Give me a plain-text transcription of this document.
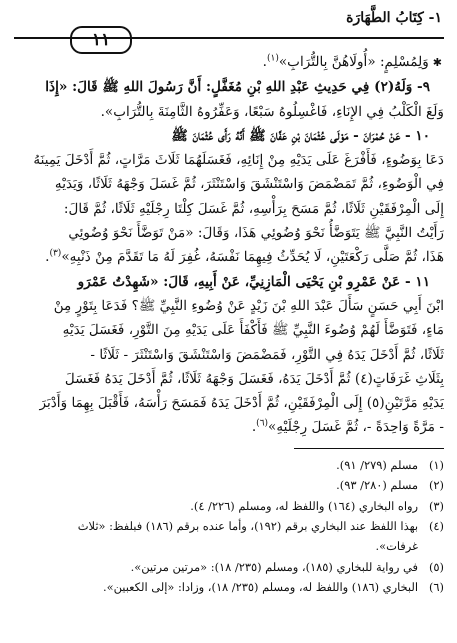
١- كِتَابُ الطَّهَارَة
١١
✱وَلِمُسْلِمٍ: «أُولَاهُنَّ بِالتُّرَابِ»$^{(١)}$.
٩- وَلَهُ(٢) فِي حَدِيثِ عَبْدِ اللهِ بْنِ مُغَفَّلٍ: أَنَّ رَسُولَ اللهِ ﷺ قَالَ: «إِذَا
وَلَغَ الْكَلْبُ فِي الإِنَاءِ، فَاغْسِلُوهُ سَبْعًا، وَعَفِّرُوهُ الثَّامِنَةَ بِالتُّرَابِ».
١٠ - عَنْ حُمْرَانَ - مَوْلَى عُثْمَانَ بْنِ عَفَّانَ ﷺ أَنَّهُ رَأَى عُثْمَانَ ﷺ
دَعَا بِوَضُوءٍ، فَأَفْرَغَ عَلَى يَدَيْهِ مِنْ إِنَائِهِ، فَغَسَلَهُمَا ثَلَاثَ مَرَّاتٍ، ثُمَّ أَدْخَلَ يَمِينَهُ
فِي الْوَضُوءِ، ثُمَّ تَمَضْمَضَ وَاسْتَنْشَقَ وَاسْتَنْثَرَ، ثُمَّ غَسَلَ وَجْهَهُ ثَلَاثًا، وَيَدَيْهِ
إِلَى الْمِرْفَقَيْنِ ثَلَاثًا، ثُمَّ مَسَحَ بِرَأْسِهِ، ثُمَّ غَسَلَ كِلْتَا رِجْلَيْهِ ثَلَاثًا، ثُمَّ قَالَ:
رَأَيْتُ النَّبِيَّ ﷺ يَتَوَضَّأُ نَحْوَ وُضُوئِي هَذَا، وَقَالَ: «مَنْ تَوَضَّأَ نَحْوَ وُضُوئِي
هَذَا، ثُمَّ صَلَّى رَكْعَتَيْنِ، لَا يُحَدِّثُ فِيهِمَا نَفْسَهُ، غُفِرَ لَهُ مَا تَقَدَّمَ مِنْ ذَنْبِهِ»$^{(٣)}$.
١١ - عَنْ عَمْرِو بْنِ يَحْيَى الْمَازِنِيِّ، عَنْ أَبِيهِ، قَالَ: «شَهِدْتُ عَمْرَو
ابْنَ أَبِي حَسَنٍ سَأَلَ عَبْدَ اللهِ بْنَ زَيْدٍ عَنْ وُضُوءِ النَّبِيِّ ﷺ؟ فَدَعَا بِتَوْرٍ مِنْ
مَاءٍ، فَتَوَضَّأَ لَهُمْ وُضُوءَ النَّبِيِّ ﷺ فَأَكْفَأَ عَلَى يَدَيْهِ مِنَ التَّوْرِ، فَغَسَلَ يَدَيْهِ
ثَلَاثًا، ثُمَّ أَدْخَلَ يَدَهُ فِي التَّوْرِ، فَمَضْمَضَ وَاسْتَنْشَقَ وَاسْتَنْثَرَ - ثَلَاثًا -
بِثَلَاثِ غَرَفَاتٍ(٤) ثُمَّ أَدْخَلَ يَدَهُ، فَغَسَلَ وَجْهَهُ ثَلَاثًا، ثُمَّ أَدْخَلَ يَدَهُ فَغَسَلَ
يَدَيْهِ مَرَّتَيْنِ(٥) إِلَى الْمِرْفَقَيْنِ، ثُمَّ أَدْخَلَ يَدَهُ فَمَسَحَ رَأْسَهُ، فَأَقْبَلَ بِهِمَا وَأَدْبَرَ
- مَرَّةً وَاحِدَةً -، ثُمَّ غَسَلَ رِجْلَيْهِ»$^{(٦)}$.
(١)
مسلم (٢٧٩/ ٩١).
(٢)
مسلم (٢٨٠/ ٩٣).
(٣)
رواه البخاري (١٦٤) واللفظ له، ومسلم (٢٢٦/ ٤).
(٤)
بهذا اللفظ عند البخاري برقم (١٩٢)، وأما عنده برقم (١٨٦) فبلفظ: «ثلاث
غرفات».
(٥)
في رواية للبخاري (١٨٥)، ومسلم (٢٣٥/ ١٨): «مرتين مرتين».
(٦)
البخاري (١٨٦) واللفظ له، ومسلم (٢٣٥/ ١٨)، وزادا: «إلى الكعبين».
